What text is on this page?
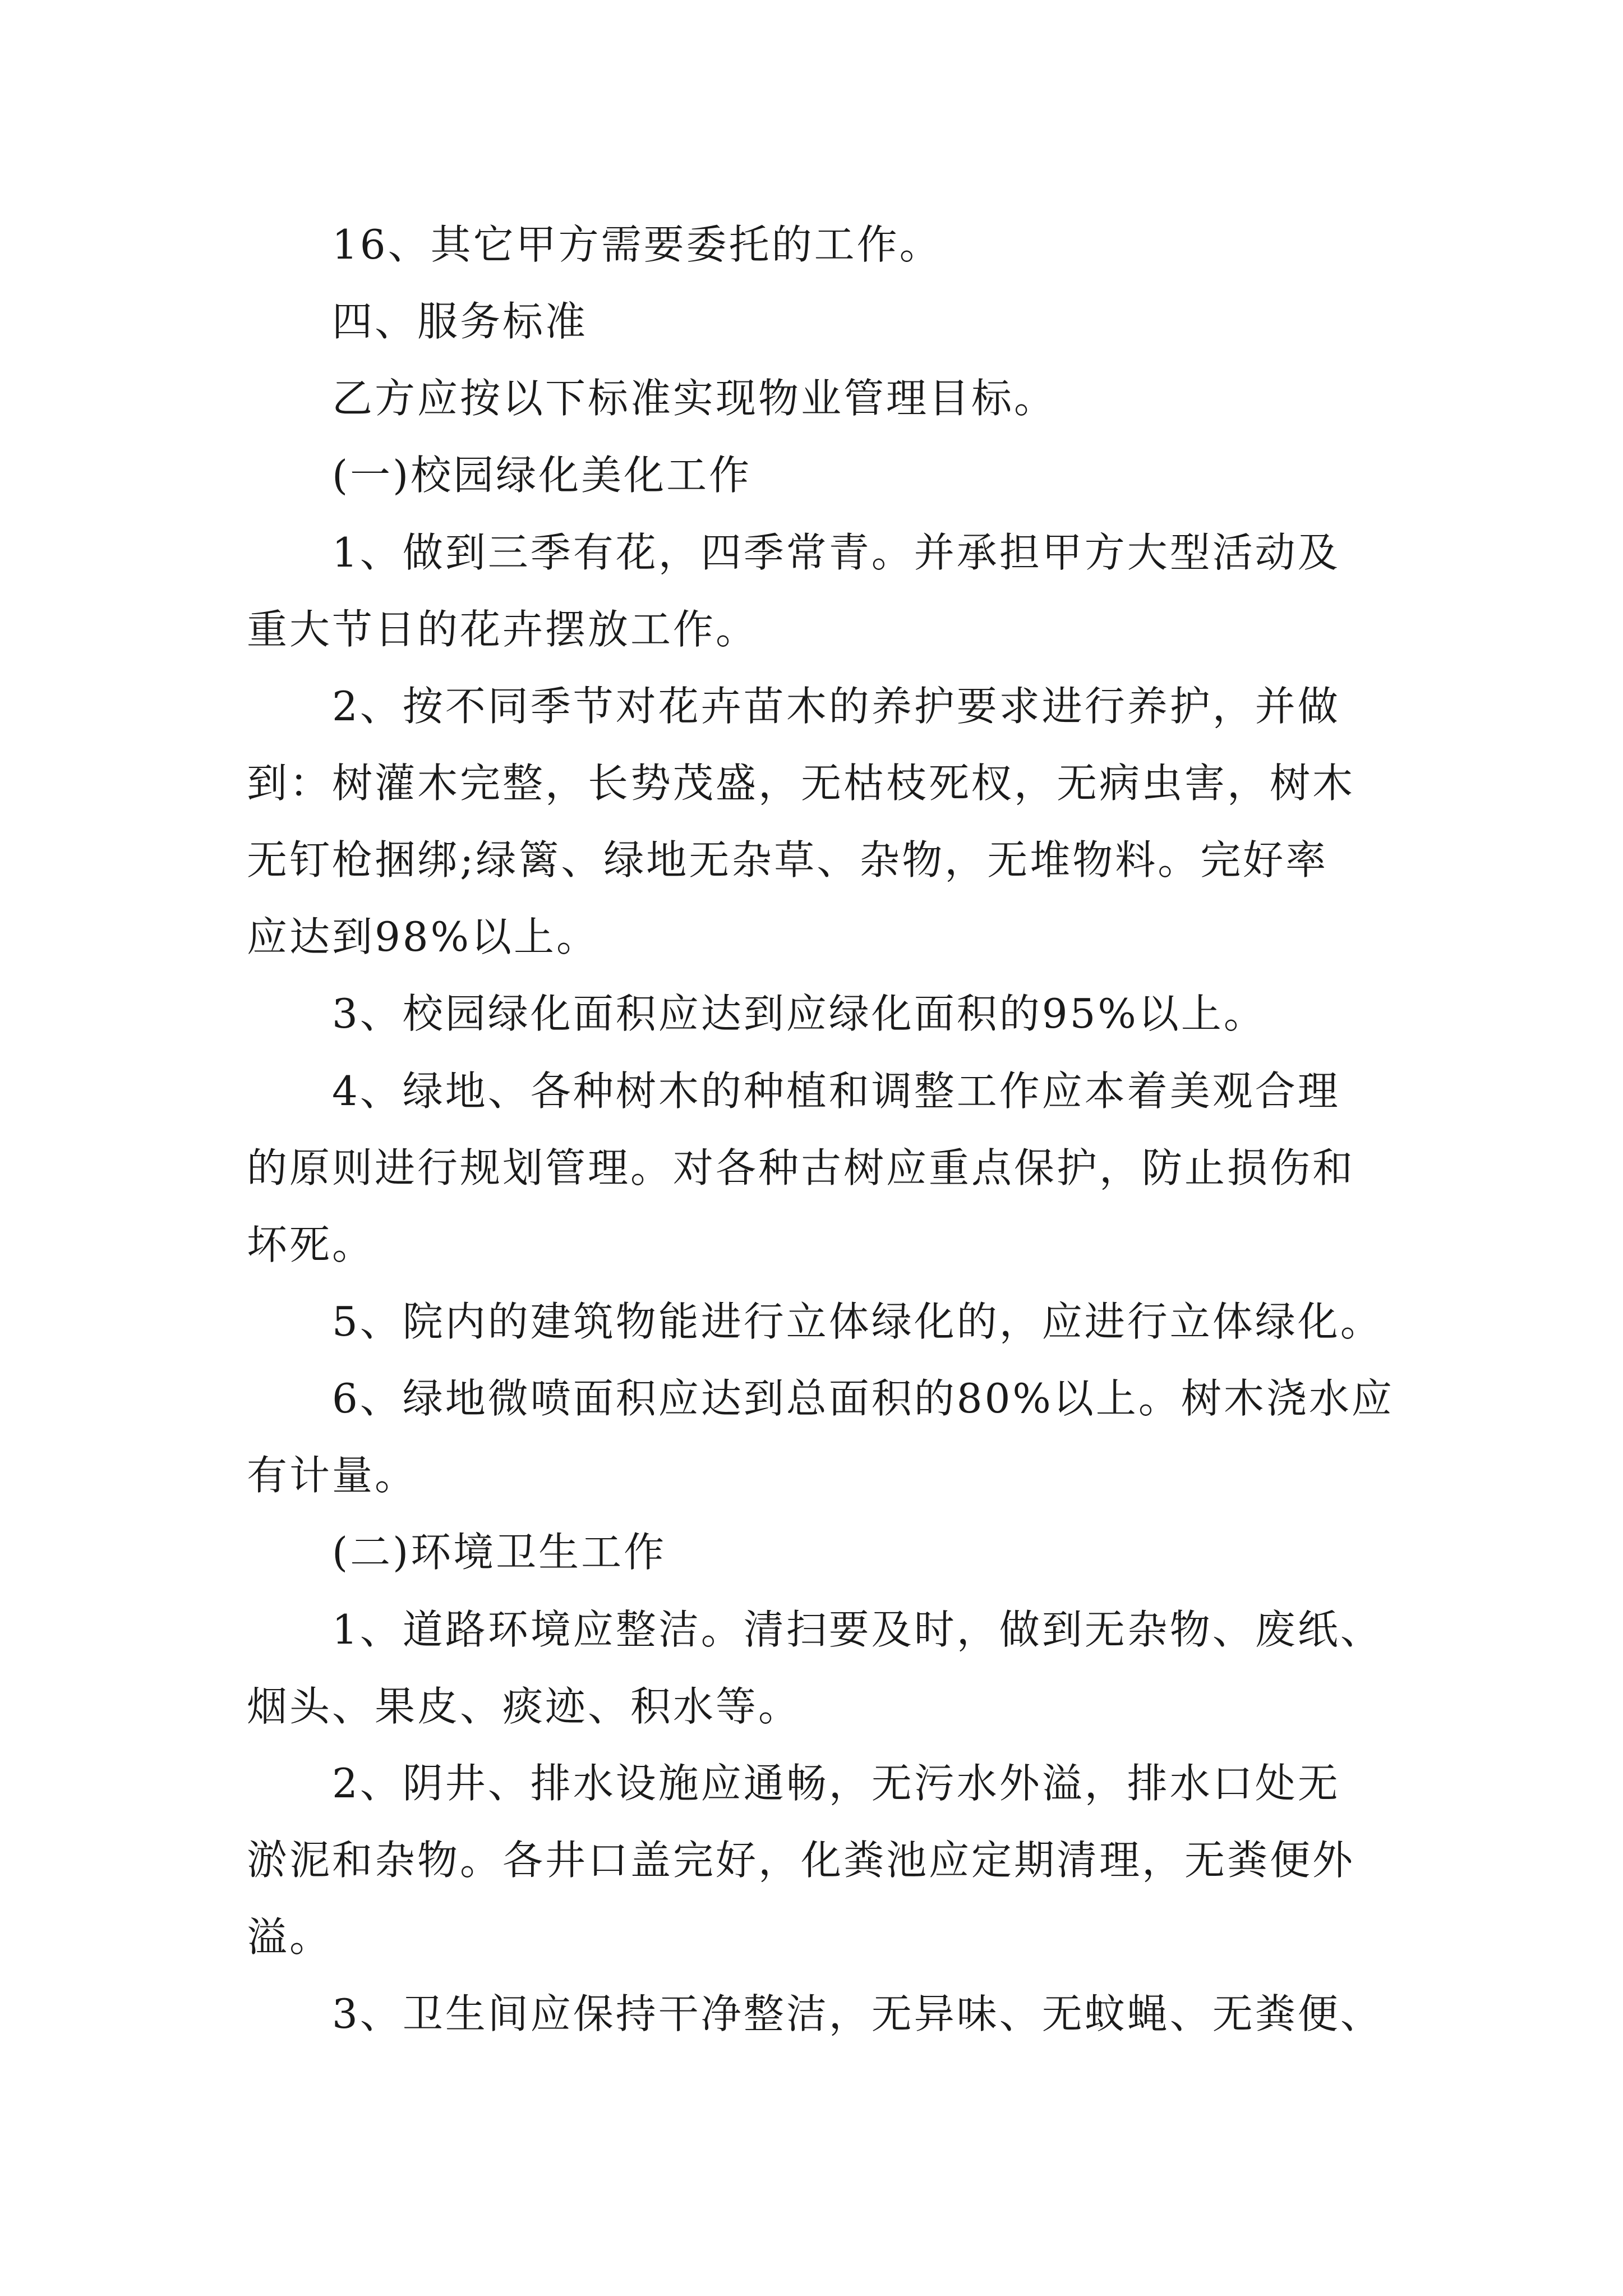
16、其它甲方需要委托的工作。
四、服务标准
乙方应按以下标准实现物业管理目标。
(一)校园绿化美化工作
1、做到三季有花，四季常青。并承担甲方大型活动及
重大节日的花卉摆放工作。
2、按不同季节对花卉苗木的养护要求进行养护，并做
到：树灌木完整，长势茂盛，无枯枝死杈，无病虫害，树木
无钉枪捆绑;绿篱、绿地无杂草、杂物，无堆物料。完好率
应达到98%以上。
3、校园绿化面积应达到应绿化面积的95%以上。
4、绿地、各种树木的种植和调整工作应本着美观合理
的原则进行规划管理。对各种古树应重点保护，防止损伤和
坏死。
5、院内的建筑物能进行立体绿化的，应进行立体绿化。
6、绿地微喷面积应达到总面积的80%以上。树木浇水应
有计量。
(二)环境卫生工作
1、道路环境应整洁。清扫要及时，做到无杂物、废纸、
烟头、果皮、痰迹、积水等。
2、阴井、排水设施应通畅，无污水外溢，排水口处无
淤泥和杂物。各井口盖完好，化粪池应定期清理，无粪便外
溢。
3、卫生间应保持干净整洁，无异味、无蚊蝇、无粪便、
